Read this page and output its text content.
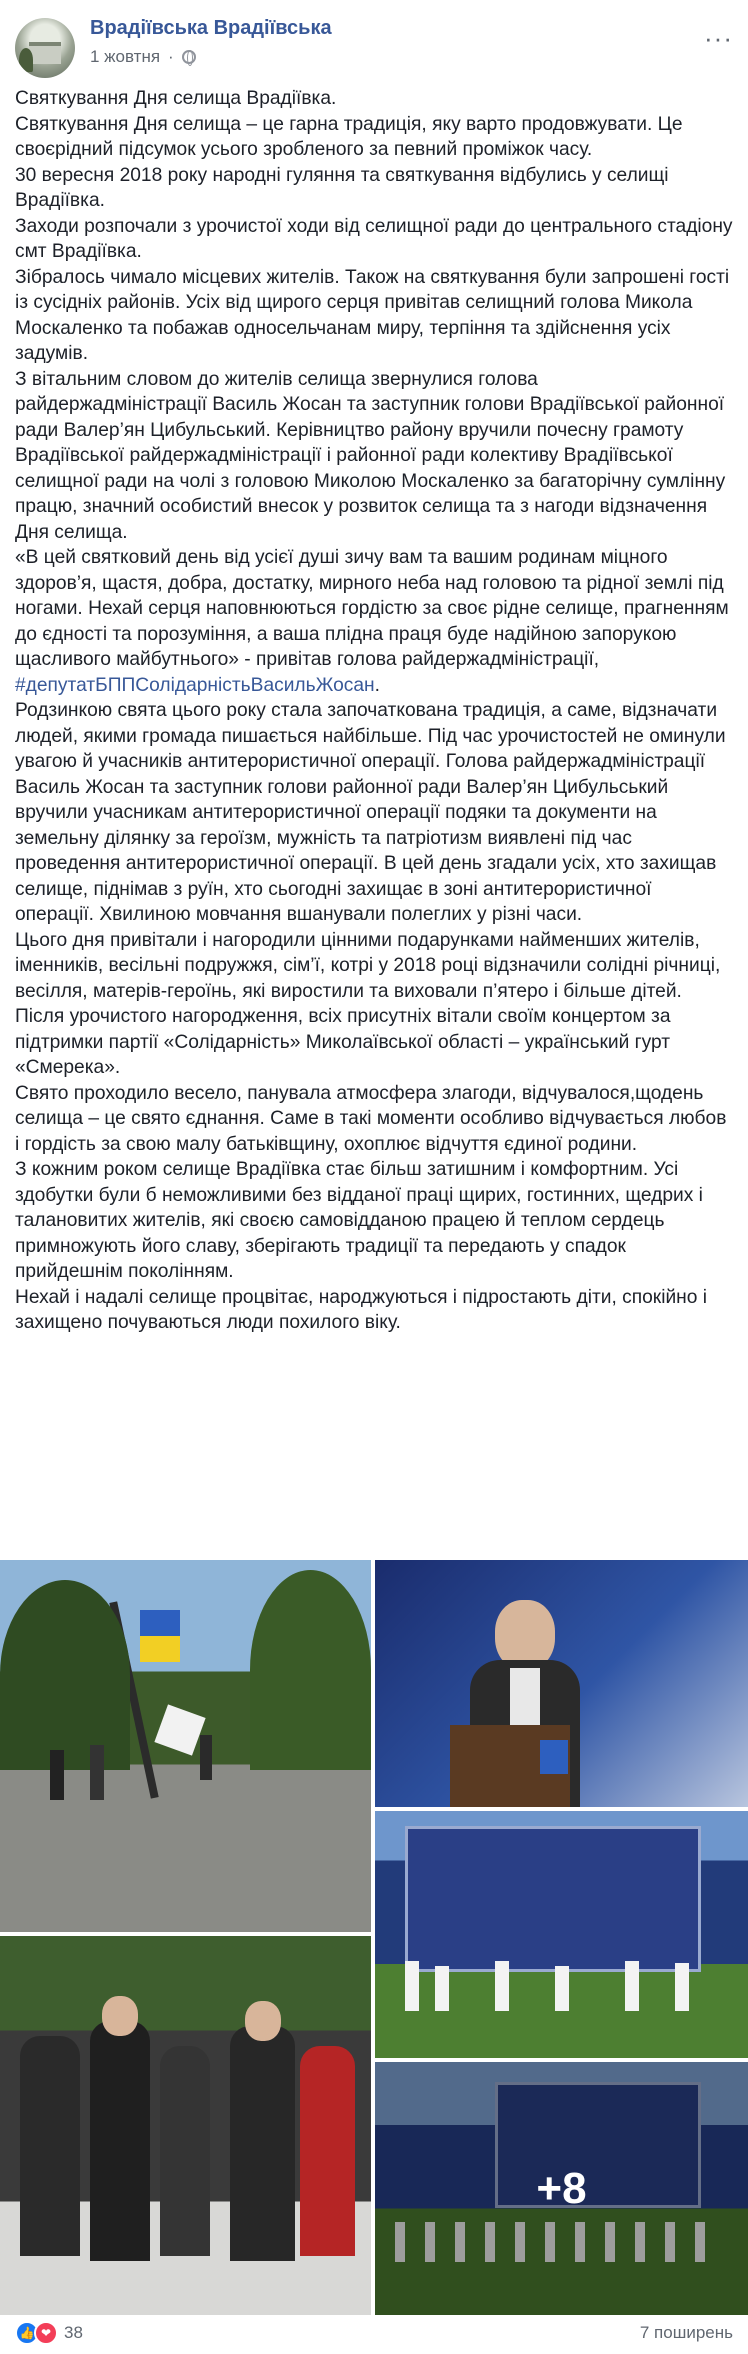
Врадіївська Врадіївська
1 жовтня ·
···
Святкування Дня селища Врадіївка.
Святкування Дня селища – це гарна традиція, яку варто продовжувати. Це своєрідний підсумок усього зробленого за певний проміжок часу.
30 вересня 2018 року народні гуляння та святкування відбулись у селищі Врадіївка.
Заходи розпочали з урочистої ходи від селищної ради до центрального стадіону смт Врадіївка.
Зібралось чимало місцевих жителів. Також на святкування були запрошені гості із сусідніх районів. Усіх від щирого серця привітав селищний голова Микола Москаленко та побажав односельчанам миру, терпіння та здійснення усіх задумів.
З вітальним словом до жителів селища звернулися голова райдержадміністрації Василь Жосан та заступник голови Врадіївської районної ради Валер’ян Цибульський. Керівництво району вручили почесну грамоту Врадіївської райдержадміністрації і районної ради колективу Врадіївської селищної ради на чолі з головою Миколою Москаленко за багаторічну сумлінну працю, значний особистий внесок у розвиток селища та з нагоди відзначення Дня селища.
«В цей святковий день від усієї душі зичу вам та вашим родинам міцного здоров’я, щастя, добра, достатку, мирного неба над головою та рідної землі під ногами. Нехай серця наповнюються гордістю за своє рідне селище, прагненням до єдності та порозуміння, а ваша плідна праця буде надійною запорукою щасливого майбутнього» - привітав голова райдержадміністрації, #депутатБППСолідарністьВасильЖосан.
Родзинкою свята цього року стала започаткована традиція, а саме, відзначати людей, якими громада пишається найбільше. Під час урочистостей не оминули увагою й учасників антитерористичної операції. Голова райдержадміністрації Василь Жосан та заступник голови районної ради Валер’ян Цибульський вручили учасникам антитерористичної операції подяки та документи на земельну ділянку за героїзм, мужність та патріотизм виявлені під час проведення антитерористичної операції. В цей день згадали усіх, хто захищав селище, піднімав з руїн, хто сьогодні захищає в зоні антитерористичної операції. Хвилиною мовчання вшанували полеглих у різні часи.
Цього дня привітали і нагородили цінними подарунками найменших жителів, іменників, весільні подружжя, сім’ї, котрі у 2018 році відзначили солідні річниці, весілля, матерів-героїнь, які виростили та виховали п’ятеро і більше дітей.
Після урочистого нагородження, всіх присутніх вітали своїм концертом за підтримки партії «Солідарність» Миколаївської області – український гурт «Смерека».
Свято проходило весело, панувала атмосфера злагоди, відчувалося,щодень селища – це свято єднання. Саме в такі моменти особливо відчувається любов і гордість за свою малу батьківщину, охоплює відчуття єдиної родини.
З кожним роком селище Врадіївка стає більш затишним і комфортним. Усі здобутки були б неможливими без відданої праці щирих, гостинних, щедрих і талановитих жителів, які своєю самовідданою працею й теплом сердець примножують його славу, зберігають традиції та передають у спадок прийдешнім поколінням.
Нехай і надалі селище процвітає, народжуються і підростають діти, спокійно і захищено почуваються люди похилого віку.
+8
👍 ❤ 38	7 поширень
